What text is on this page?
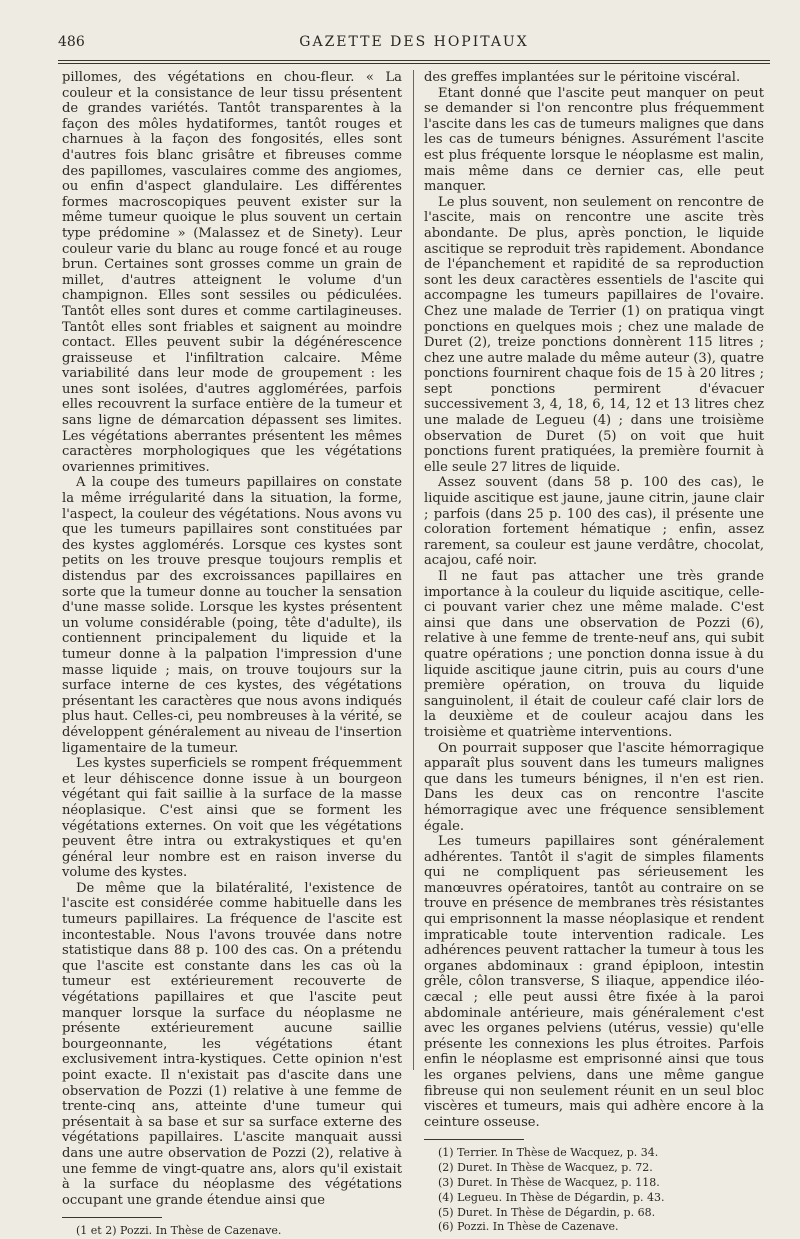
486	GAZETTE DES HOPITAUX

pillomes, des végétations en chou-fleur. « La couleur et la consistance de leur tissu présentent de grandes variétés. Tantôt transparentes à la façon des môles hydatiformes, tantôt rouges et charnues à la façon des fongosités, elles sont d'autres fois blanc grisâtre et fibreuses comme des papillomes, vasculaires comme des angiomes, ou enfin d'aspect glandulaire. Les différentes formes macroscopiques peuvent exister sur la même tumeur quoique le plus souvent un certain type prédomine » (Malassez et de Sinety). Leur couleur varie du blanc au rouge foncé et au rouge brun. Certaines sont grosses comme un grain de millet, d'autres atteignent le volume d'un champignon. Elles sont sessiles ou pédiculées. Tantôt elles sont dures et comme cartilagineuses. Tantôt elles sont friables et saignent au moindre contact. Elles peuvent subir la dégénérescence graisseuse et l'infiltration calcaire. Même variabilité dans leur mode de groupement : les unes sont isolées, d'autres agglomérées, parfois elles recouvrent la surface entière de la tumeur et sans ligne de démarcation dépassent ses limites. Les végétations aberrantes présentent les mêmes caractères morphologiques que les végétations ovariennes primitives.

A la coupe des tumeurs papillaires on constate la même irrégularité dans la situation, la forme, l'aspect, la couleur des végétations. Nous avons vu que les tumeurs papillaires sont constituées par des kystes agglomérés. Lorsque ces kystes sont petits on les trouve presque toujours remplis et distendus par des excroissances papillaires en sorte que la tumeur donne au toucher la sensation d'une masse solide. Lorsque les kystes présentent un volume considérable (poing, tête d'adulte), ils contiennent principalement du liquide et la tumeur donne à la palpation l'impression d'une masse liquide ; mais, on trouve toujours sur la surface interne de ces kystes, des végétations présentant les caractères que nous avons indiqués plus haut. Celles-ci, peu nombreuses à la vérité, se développent généralement au niveau de l'insertion ligamentaire de la tumeur.

Les kystes superficiels se rompent fréquemment et leur déhiscence donne issue à un bourgeon végétant qui fait saillie à la surface de la masse néoplasique. C'est ainsi que se forment les végétations externes. On voit que les végétations peuvent être intra ou extrakystiques et qu'en général leur nombre est en raison inverse du volume des kystes.

De même que la bilatéralité, l'existence de l'ascite est considérée comme habituelle dans les tumeurs papillaires. La fréquence de l'ascite est incontestable. Nous l'avons trouvée dans notre statistique dans 88 p. 100 des cas. On a prétendu que l'ascite est constante dans les cas où la tumeur est extérieurement recouverte de végétations papillaires et que l'ascite peut manquer lorsque la surface du néoplasme ne présente extérieurement aucune saillie bourgeonnante, les végétations étant exclusivement intra-kystiques. Cette opinion n'est point exacte. Il n'existait pas d'ascite dans une observation de Pozzi (1) relative à une femme de trente-cinq ans, atteinte d'une tumeur qui présentait à sa base et sur sa surface externe des végétations papillaires. L'ascite manquait aussi dans une autre observation de Pozzi (2), relative à une femme de vingt-quatre ans, alors qu'il existait à la surface du néoplasme des végétations occupant une grande étendue ainsi que

(1 et 2) Pozzi. In Thèse de Cazenave.

des greffes implantées sur le péritoine viscéral.

Etant donné que l'ascite peut manquer on peut se demander si l'on rencontre plus fréquemment l'ascite dans les cas de tumeurs malignes que dans les cas de tumeurs bénignes. Assurément l'ascite est plus fréquente lorsque le néoplasme est malin, mais même dans ce dernier cas, elle peut manquer.

Le plus souvent, non seulement on rencontre de l'ascite, mais on rencontre une ascite très abondante. De plus, après ponction, le liquide ascitique se reproduit très rapidement. Abondance de l'épanchement et rapidité de sa reproduction sont les deux caractères essentiels de l'ascite qui accompagne les tumeurs papillaires de l'ovaire. Chez une malade de Terrier (1) on pratiqua vingt ponctions en quelques mois ; chez une malade de Duret (2), treize ponctions donnèrent 115 litres ; chez une autre malade du même auteur (3), quatre ponctions fournirent chaque fois de 15 à 20 litres ; sept ponctions permirent d'évacuer successivement 3, 4, 18, 6, 14, 12 et 13 litres chez une malade de Legueu (4) ; dans une troisième observation de Duret (5) on voit que huit ponctions furent pratiquées, la première fournit à elle seule 27 litres de liquide.

Assez souvent (dans 58 p. 100 des cas), le liquide ascitique est jaune, jaune citrin, jaune clair ; parfois (dans 25 p. 100 des cas), il présente une coloration fortement hématique ; enfin, assez rarement, sa couleur est jaune verdâtre, chocolat, acajou, café noir.

Il ne faut pas attacher une très grande importance à la couleur du liquide ascitique, celle-ci pouvant varier chez une même malade. C'est ainsi que dans une observation de Pozzi (6), relative à une femme de trente-neuf ans, qui subit quatre opérations ; une ponction donna issue à du liquide ascitique jaune citrin, puis au cours d'une première opération, on trouva du liquide sanguinolent, il était de couleur café clair lors de la deuxième et de couleur acajou dans les troisième et quatrième interventions.

On pourrait supposer que l'ascite hémorragique apparaît plus souvent dans les tumeurs malignes que dans les tumeurs bénignes, il n'en est rien. Dans les deux cas on rencontre l'ascite hémorragique avec une fréquence sensiblement égale.

Les tumeurs papillaires sont généralement adhérentes. Tantôt il s'agit de simples filaments qui ne compliquent pas sérieusement les manœuvres opératoires, tantôt au contraire on se trouve en présence de membranes très résistantes qui emprisonnent la masse néoplasique et rendent impraticable toute intervention radicale. Les adhérences peuvent rattacher la tumeur à tous les organes abdominaux : grand épiploon, intestin grêle, côlon transverse, S iliaque, appendice iléo-cæcal ; elle peut aussi être fixée à la paroi abdominale antérieure, mais généralement c'est avec les organes pelviens (utérus, vessie) qu'elle présente les connexions les plus étroites. Parfois enfin le néoplasme est emprisonné ainsi que tous les organes pelviens, dans une même gangue fibreuse qui non seulement réunit en un seul bloc viscères et tumeurs, mais qui adhère encore à la ceinture osseuse.

(1) Terrier. In Thèse de Wacquez, p. 34.

(2) Duret. In Thèse de Wacquez, p. 72.

(3) Duret. In Thèse de Wacquez, p. 118.

(4) Legueu. In Thèse de Dégardin, p. 43.

(5) Duret. In Thèse de Dégardin, p. 68.

(6) Pozzi. In Thèse de Cazenave.
